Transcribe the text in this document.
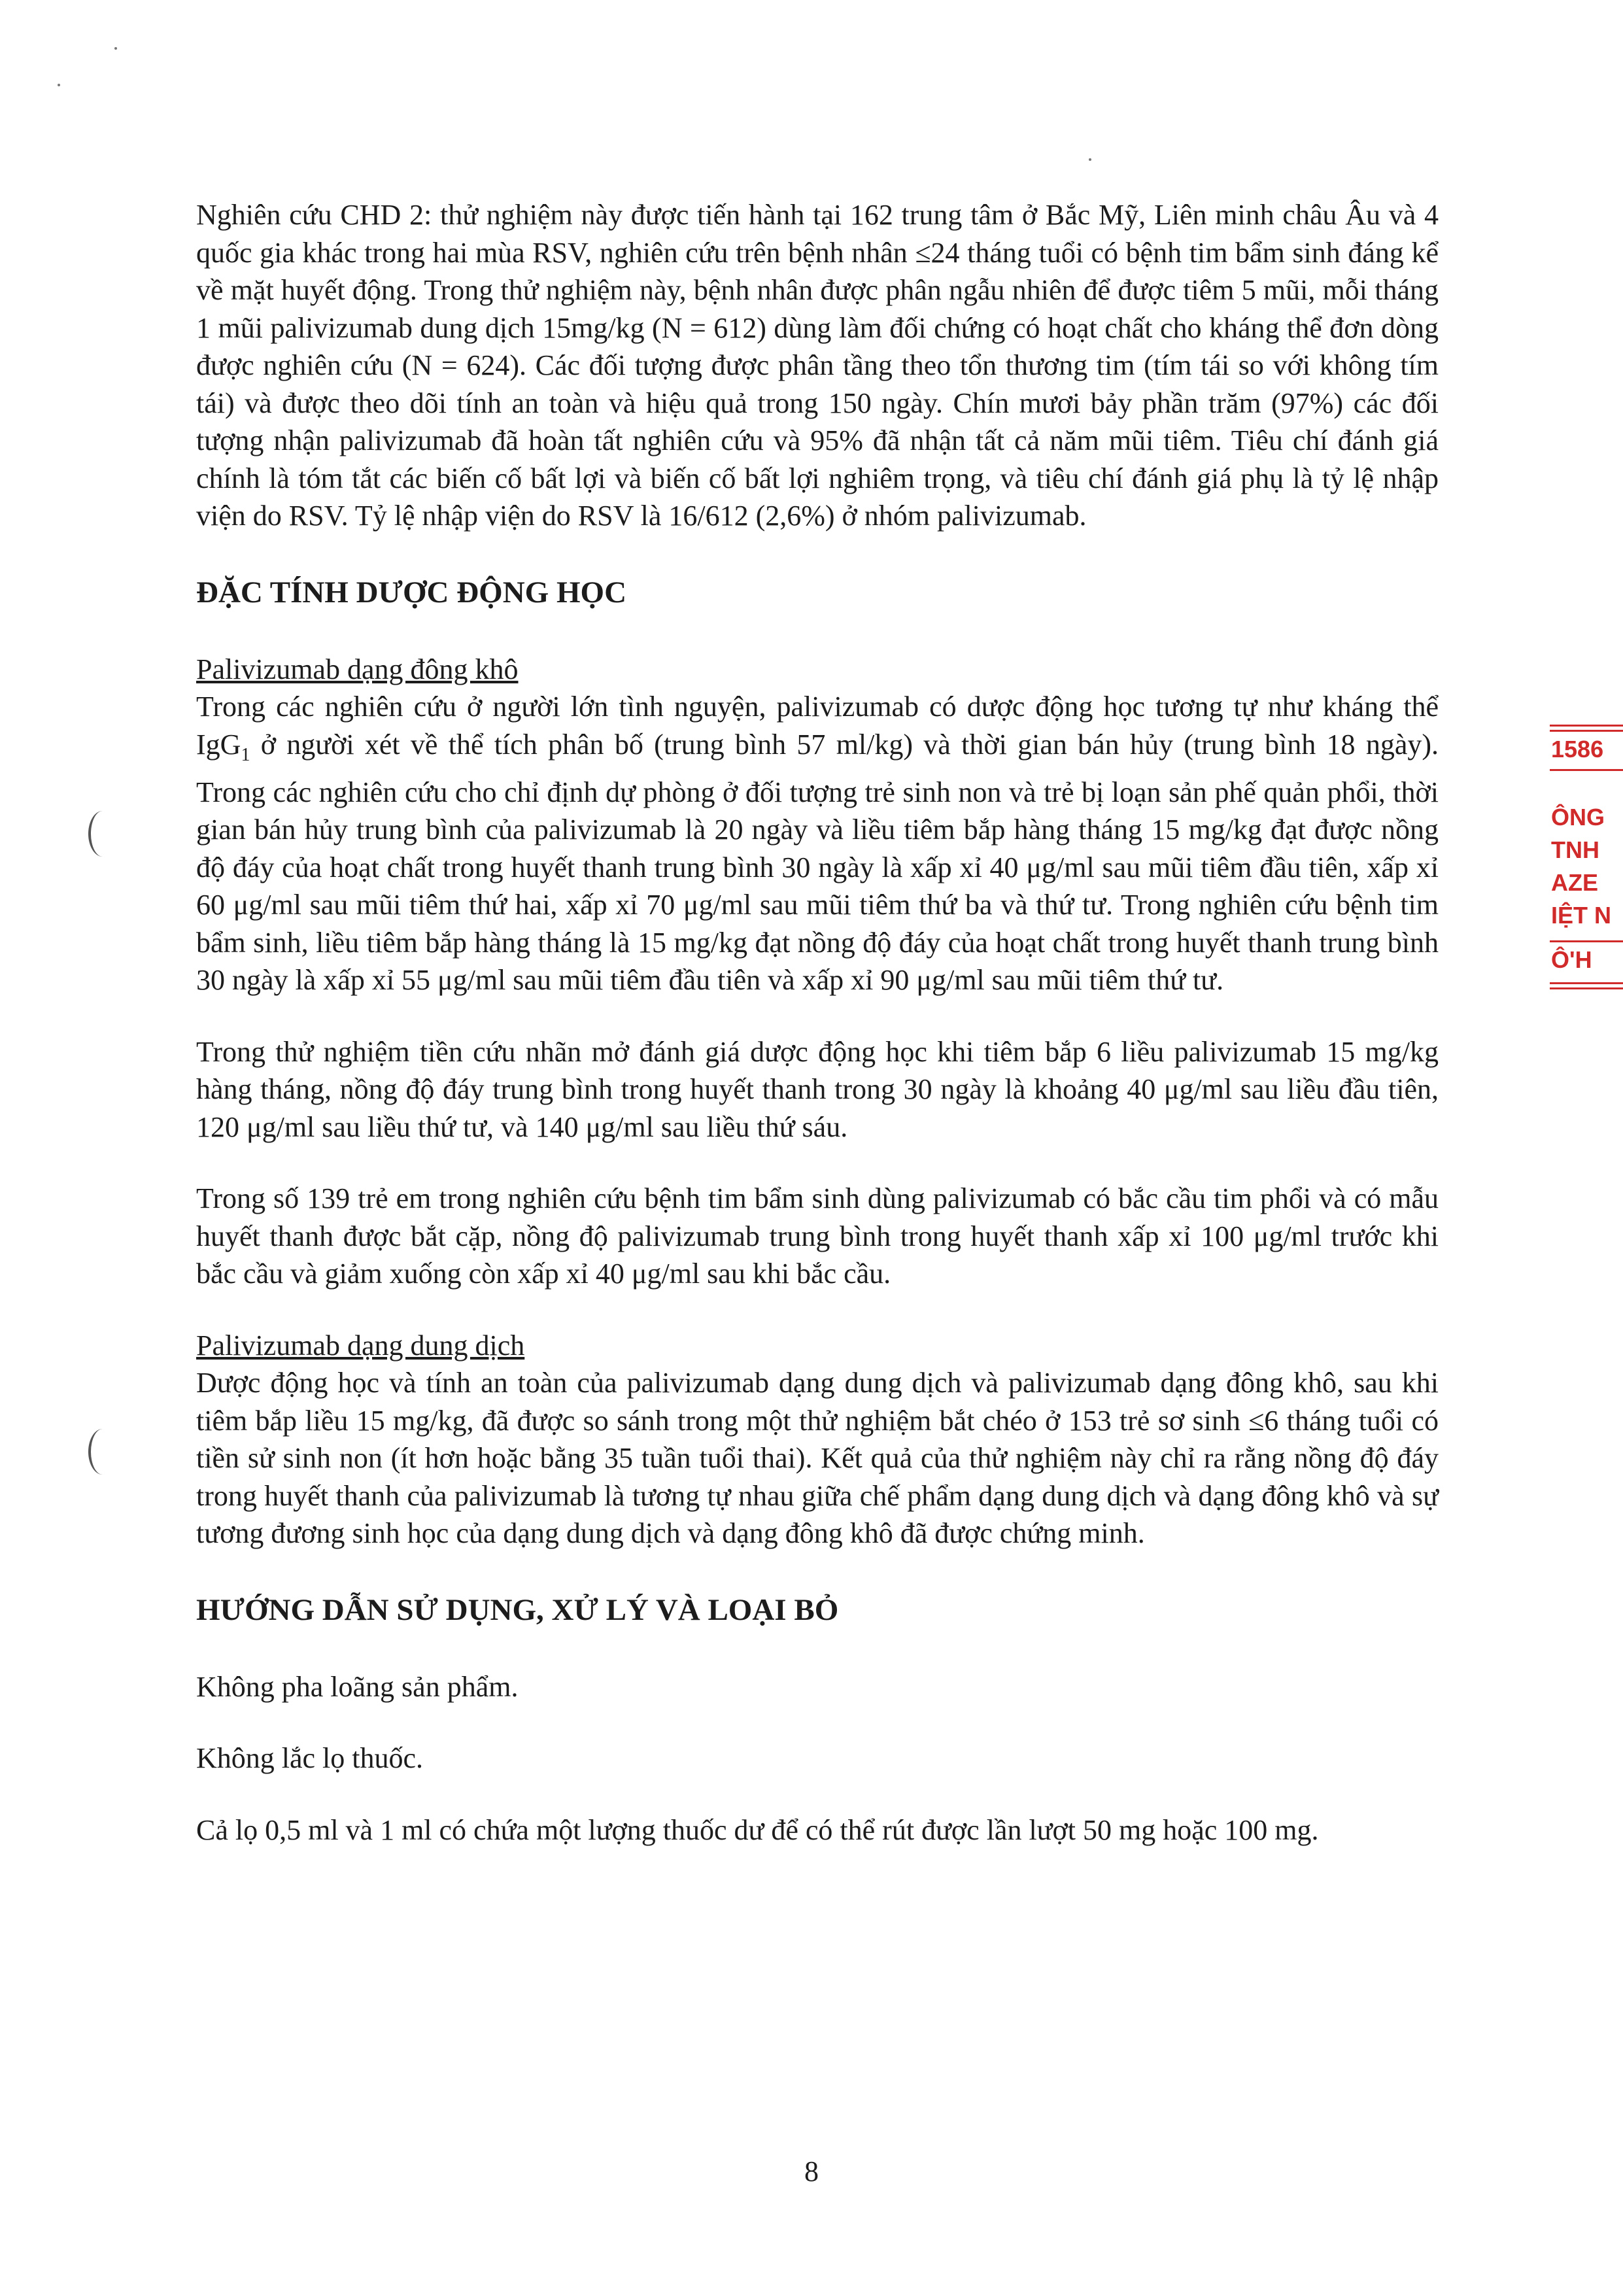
1586
ÔNG
TNH
AZE
IỆT N
Ô'H

Nghiên cứu CHD 2: thử nghiệm này được tiến hành tại 162 trung tâm ở Bắc Mỹ, Liên minh châu Âu và 4 quốc gia khác trong hai mùa RSV, nghiên cứu trên bệnh nhân ≤24 tháng tuổi có bệnh tim bẩm sinh đáng kể về mặt huyết động. Trong thử nghiệm này, bệnh nhân được phân ngẫu nhiên để được tiêm 5 mũi, mỗi tháng 1 mũi palivizumab dung dịch 15mg/kg (N = 612) dùng làm đối chứng có hoạt chất cho kháng thể đơn dòng được nghiên cứu (N = 624). Các đối tượng được phân tầng theo tổn thương tim (tím tái so với không tím tái) và được theo dõi tính an toàn và hiệu quả trong 150 ngày. Chín mươi bảy phần trăm (97%) các đối tượng nhận palivizumab đã hoàn tất nghiên cứu và 95% đã nhận tất cả năm mũi tiêm. Tiêu chí đánh giá chính là tóm tắt các biến cố bất lợi và biến cố bất lợi nghiêm trọng, và tiêu chí đánh giá phụ là tỷ lệ nhập viện do RSV. Tỷ lệ nhập viện do RSV là 16/612 (2,6%) ở nhóm palivizumab.

ĐẶC TÍNH DƯỢC ĐỘNG HỌC

Palivizumab dạng đông khô

Trong các nghiên cứu ở người lớn tình nguyện, palivizumab có dược động học tương tự như kháng thể IgG$_1$ ở người xét về thể tích phân bố (trung bình 57 ml/kg) và thời gian bán hủy (trung bình 18 ngày). Trong các nghiên cứu cho chỉ định dự phòng ở đối tượng trẻ sinh non và trẻ bị loạn sản phế quản phổi, thời gian bán hủy trung bình của palivizumab là 20 ngày và liều tiêm bắp hàng tháng 15 mg/kg đạt được nồng độ đáy của hoạt chất trong huyết thanh trung bình 30 ngày là xấp xỉ 40 μg/ml sau mũi tiêm đầu tiên, xấp xỉ 60 μg/ml sau mũi tiêm thứ hai, xấp xỉ 70 μg/ml sau mũi tiêm thứ ba và thứ tư. Trong nghiên cứu bệnh tim bẩm sinh, liều tiêm bắp hàng tháng là 15 mg/kg đạt nồng độ đáy của hoạt chất trong huyết thanh trung bình 30 ngày là xấp xỉ 55 μg/ml sau mũi tiêm đầu tiên và xấp xỉ 90 μg/ml sau mũi tiêm thứ tư.

Trong thử nghiệm tiền cứu nhãn mở đánh giá dược động học khi tiêm bắp 6 liều palivizumab 15 mg/kg hàng tháng, nồng độ đáy trung bình trong huyết thanh trong 30 ngày là khoảng 40 μg/ml sau liều đầu tiên, 120 μg/ml sau liều thứ tư, và 140 μg/ml sau liều thứ sáu.

Trong số 139 trẻ em trong nghiên cứu bệnh tim bẩm sinh dùng palivizumab có bắc cầu tim phổi và có mẫu huyết thanh được bắt cặp, nồng độ palivizumab trung bình trong huyết thanh xấp xỉ 100 μg/ml trước khi bắc cầu và giảm xuống còn xấp xỉ 40 μg/ml sau khi bắc cầu.

Palivizumab dạng dung dịch

Dược động học và tính an toàn của palivizumab dạng dung dịch và palivizumab dạng đông khô, sau khi tiêm bắp liều 15 mg/kg, đã được so sánh trong một thử nghiệm bắt chéo ở 153 trẻ sơ sinh ≤6 tháng tuổi có tiền sử sinh non (ít hơn hoặc bằng 35 tuần tuổi thai). Kết quả của thử nghiệm này chỉ ra rằng nồng độ đáy trong huyết thanh của palivizumab là tương tự nhau giữa chế phẩm dạng dung dịch và dạng đông khô và sự tương đương sinh học của dạng dung dịch và dạng đông khô đã được chứng minh.

HƯỚNG DẪN SỬ DỤNG, XỬ LÝ VÀ LOẠI BỎ

Không pha loãng sản phẩm.

Không lắc lọ thuốc.

Cả lọ 0,5 ml và 1 ml có chứa một lượng thuốc dư để có thể rút được lần lượt 50 mg hoặc 100 mg.

8
